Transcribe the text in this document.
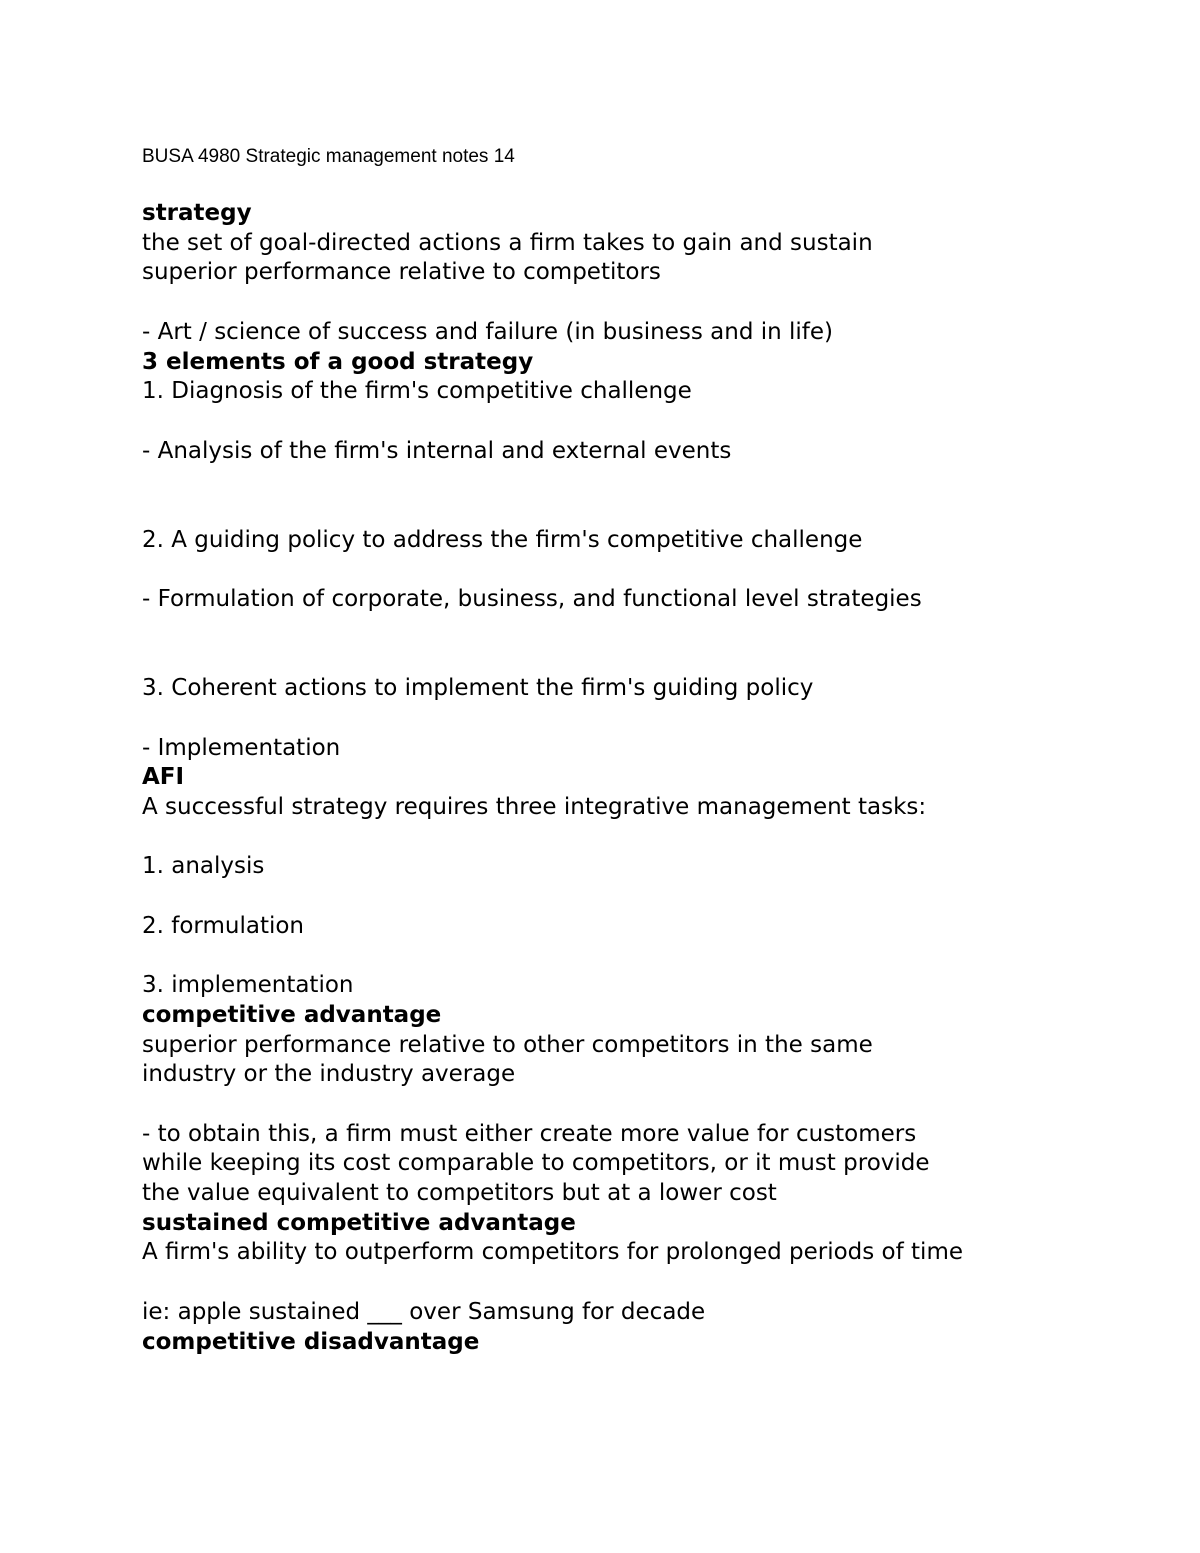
BUSA 4980 Strategic management notes 14
strategy
the set of goal-directed actions a firm takes to gain and sustain
superior performance relative to competitors
- Art / science of success and failure (in business and in life)
3 elements of a good strategy
1. Diagnosis of the firm's competitive challenge
- Analysis of the firm's internal and external events
2. A guiding policy to address the firm's competitive challenge
- Formulation of corporate, business, and functional level strategies
3. Coherent actions to implement the firm's guiding policy
- Implementation
AFI
A successful strategy requires three integrative management tasks:
1. analysis
2. formulation
3. implementation
competitive advantage
superior performance relative to other competitors in the same
industry or the industry average
- to obtain this, a firm must either create more value for customers
while keeping its cost comparable to competitors, or it must provide
the value equivalent to competitors but at a lower cost
sustained competitive advantage
A firm's ability to outperform competitors for prolonged periods of time
ie: apple sustained ___ over Samsung for decade
competitive disadvantage
